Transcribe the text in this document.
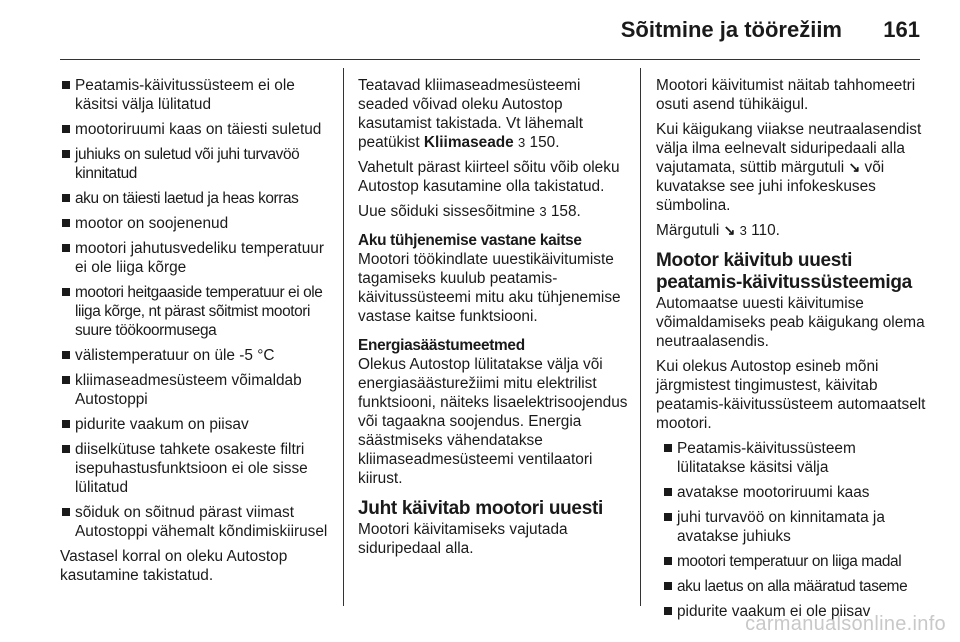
Sõitmine ja töörežiim 161
Peatamis-käivitussüsteem ei ole käsitsi välja lülitatud
mootoriruumi kaas on täiesti suletud
juhiuks on suletud või juhi turvavöö kinnitatud
aku on täiesti laetud ja heas korras
mootor on soojenenud
mootori jahutusvedeliku temperatuur ei ole liiga kõrge
mootori heitgaaside temperatuur ei ole liiga kõrge, nt pärast sõitmist mootori suure töökoormusega
välistemperatuur on üle -5 °C
kliimaseadmesüsteem võimaldab Autostoppi
pidurite vaakum on piisav
diiselkütuse tahkete osakeste filtri isepuhastusfunktsioon ei ole sisse lülitatud
sõiduk on sõitnud pärast viimast Autostoppi vähemalt kõndimiskiirusel

Vastasel korral on oleku Autostop kasutamine takistatud.

Teatavad kliimaseadmesüsteemi seaded võivad oleku Autostop kasutamist takistada. Vt lähemalt peatükist Kliimaseade 3 150.

Vahetult pärast kiirteel sõitu võib oleku Autostop kasutamine olla takistatud.

Uue sõiduki sissesõitmine 3 158.

Aku tühjenemise vastane kaitse

Mootori töökindlate uuestikäivitumiste tagamiseks kuulub peatamis-käivitussüsteemi mitu aku tühjenemise vastase kaitse funktsiooni.

Energiasäästumeetmed

Olekus Autostop lülitatakse välja või energiasäästurežiimi mitu elektrilist funktsiooni, näiteks lisaelektrisoojendus või tagaakna soojendus. Energia säästmiseks vähendatakse kliimaseadmesüsteemi ventilaatori kiirust.

Juht käivitab mootori uuesti

Mootori käivitamiseks vajutada siduripedaal alla.

Mootori käivitumist näitab tahhomeetri osuti asend tühikäigul.

Kui käigukang viiakse neutraalasendist välja ilma eelnevalt siduripedaali alla vajutamata, süttib märgutuli ↘ või kuvatakse see juhi infokeskuses sümbolina.

Märgutuli ↘ 3 110.

Mootor käivitub uuesti peatamis-käivitussüsteemiga

Automaatse uuesti käivitumise võimaldamiseks peab käigukang olema neutraalasendis.

Kui olekus Autostop esineb mõni järgmistest tingimustest, käivitab peatamis-käivitussüsteem automaatselt mootori.

Peatamis-käivitussüsteem lülitatakse käsitsi välja
avatakse mootoriruumi kaas
juhi turvavöö on kinnitamata ja avatakse juhiuks
mootori temperatuur on liiga madal
aku laetus on alla määratud taseme
pidurite vaakum ei ole piisav
carmanualsonline.info
